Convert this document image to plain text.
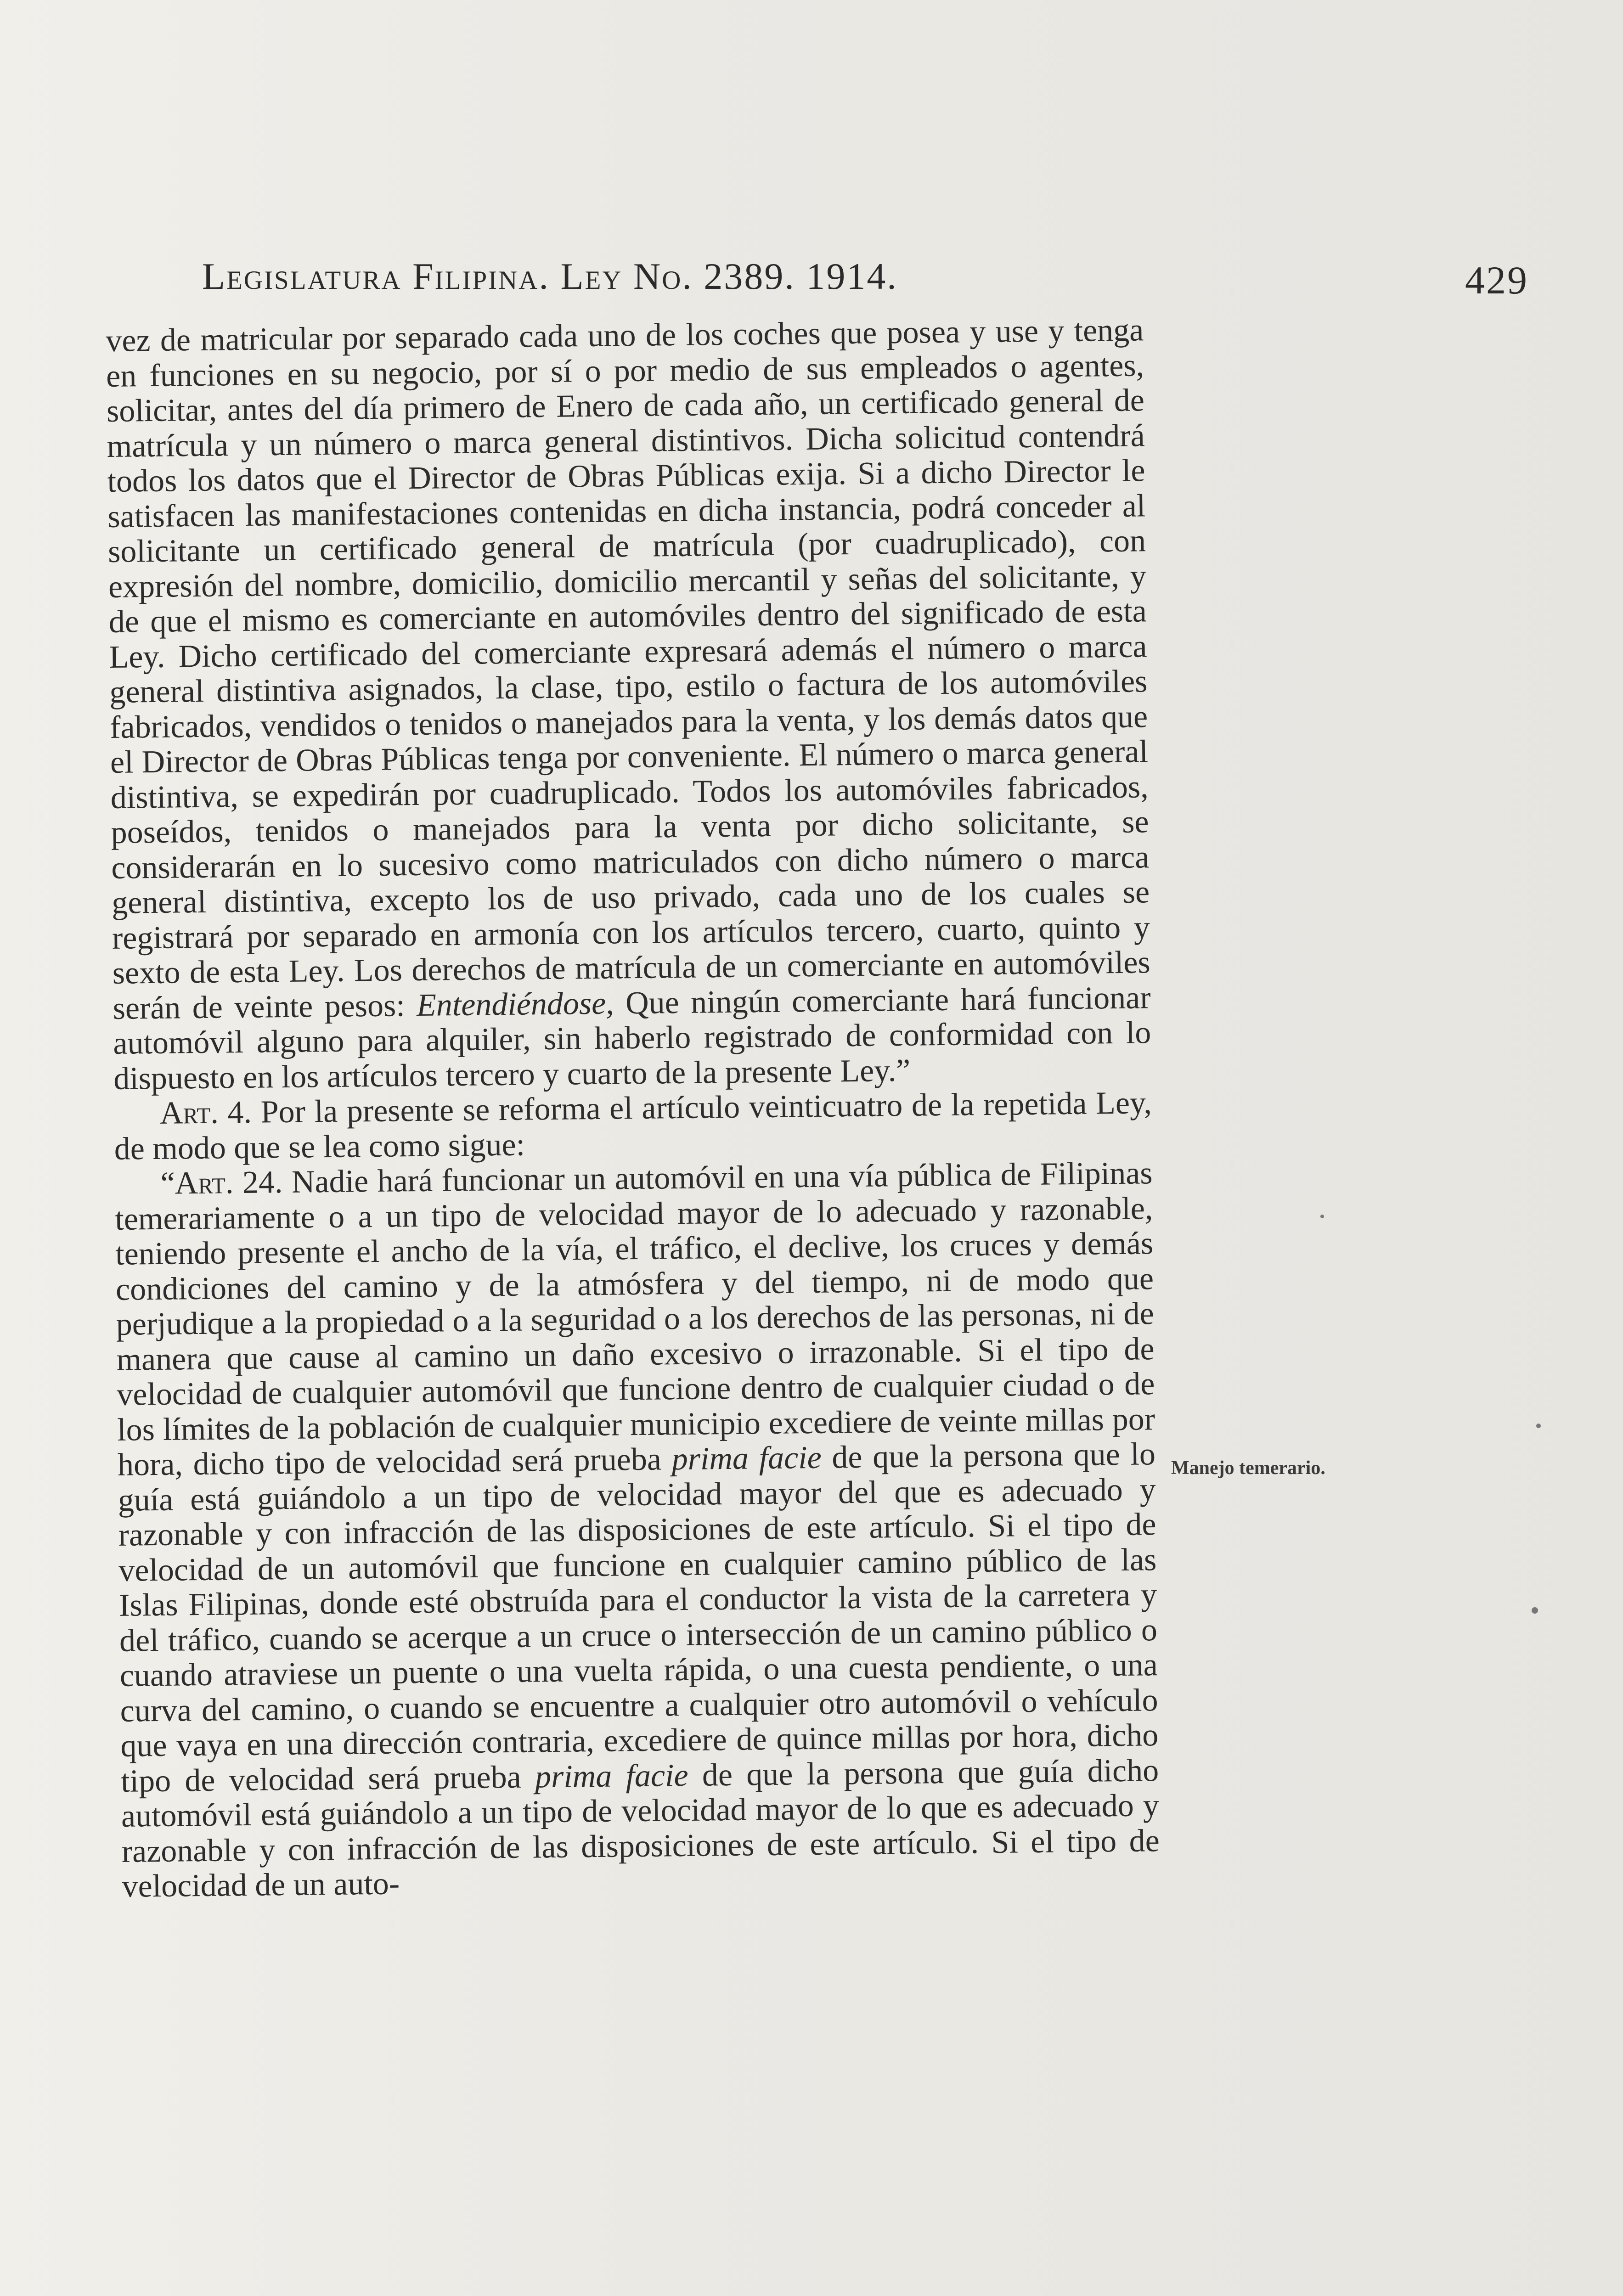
Legislatura Filipina. Ley No. 2389. 1914.	429

vez de matricular por separado cada uno de los coches que posea y use y tenga en funciones en su negocio, por sí o por medio de sus empleados o agentes, solicitar, antes del día primero de Enero de cada año, un certificado general de matrícula y un número o marca general distintivos. Dicha solicitud contendrá todos los datos que el Director de Obras Públicas exija. Si a dicho Director le satisfacen las manifestaciones contenidas en dicha instancia, podrá conceder al solicitante un certificado general de matrícula (por cuadruplicado), con expresión del nombre, domicilio, domicilio mercantil y señas del solicitante, y de que el mismo es comerciante en automóviles dentro del significado de esta Ley. Dicho certificado del comerciante expresará además el número o marca general distintiva asignados, la clase, tipo, estilo o factura de los automóviles fabricados, vendidos o tenidos o manejados para la venta, y los demás datos que el Director de Obras Públicas tenga por conveniente. El número o marca general distintiva, se expedirán por cuadruplicado. Todos los automóviles fabricados, poseídos, tenidos o manejados para la venta por dicho solicitante, se considerarán en lo sucesivo como matriculados con dicho número o marca general distintiva, excepto los de uso privado, cada uno de los cuales se registrará por separado en armonía con los artículos tercero, cuarto, quinto y sexto de esta Ley. Los derechos de matrícula de un comerciante en automóviles serán de veinte pesos: Entendiéndose, Que ningún comerciante hará funcionar automóvil alguno para alquiler, sin haberlo registrado de conformidad con lo dispuesto en los artículos tercero y cuarto de la presente Ley.”

Art. 4. Por la presente se reforma el artículo veinticuatro de la repetida Ley, de modo que se lea como sigue:

“Art. 24. Nadie hará funcionar un automóvil en una vía pública de Filipinas temerariamente o a un tipo de velocidad mayor de lo adecuado y razonable, teniendo presente el ancho de la vía, el tráfico, el declive, los cruces y demás condiciones del camino y de la atmósfera y del tiempo, ni de modo que perjudique a la propiedad o a la seguridad o a los derechos de las personas, ni de manera que cause al camino un daño excesivo o irrazonable. Si el tipo de velocidad de cualquier automóvil que funcione dentro de cualquier ciudad o de los límites de la población de cualquier municipio excediere de veinte millas por hora, dicho tipo de velocidad será prueba prima facie de que la persona que lo guía está guiándolo a un tipo de velocidad mayor del que es adecuado y razonable y con infracción de las disposiciones de este artículo. Si el tipo de velocidad de un automóvil que funcione en cualquier camino público de las Islas Filipinas, donde esté obstruída para el conductor la vista de la carretera y del tráfico, cuando se acerque a un cruce o intersección de un camino público o cuando atraviese un puente o una vuelta rápida, o una cuesta pendiente, o una curva del camino, o cuando se encuentre a cualquier otro automóvil o vehículo que vaya en una dirección contraria, excediere de quince millas por hora, dicho tipo de velocidad será prueba prima facie de que la persona que guía dicho automóvil está guiándolo a un tipo de velocidad mayor de lo que es adecuado y razonable y con infracción de las disposiciones de este artículo. Si el tipo de velocidad de un auto-

Manejo temerario.
